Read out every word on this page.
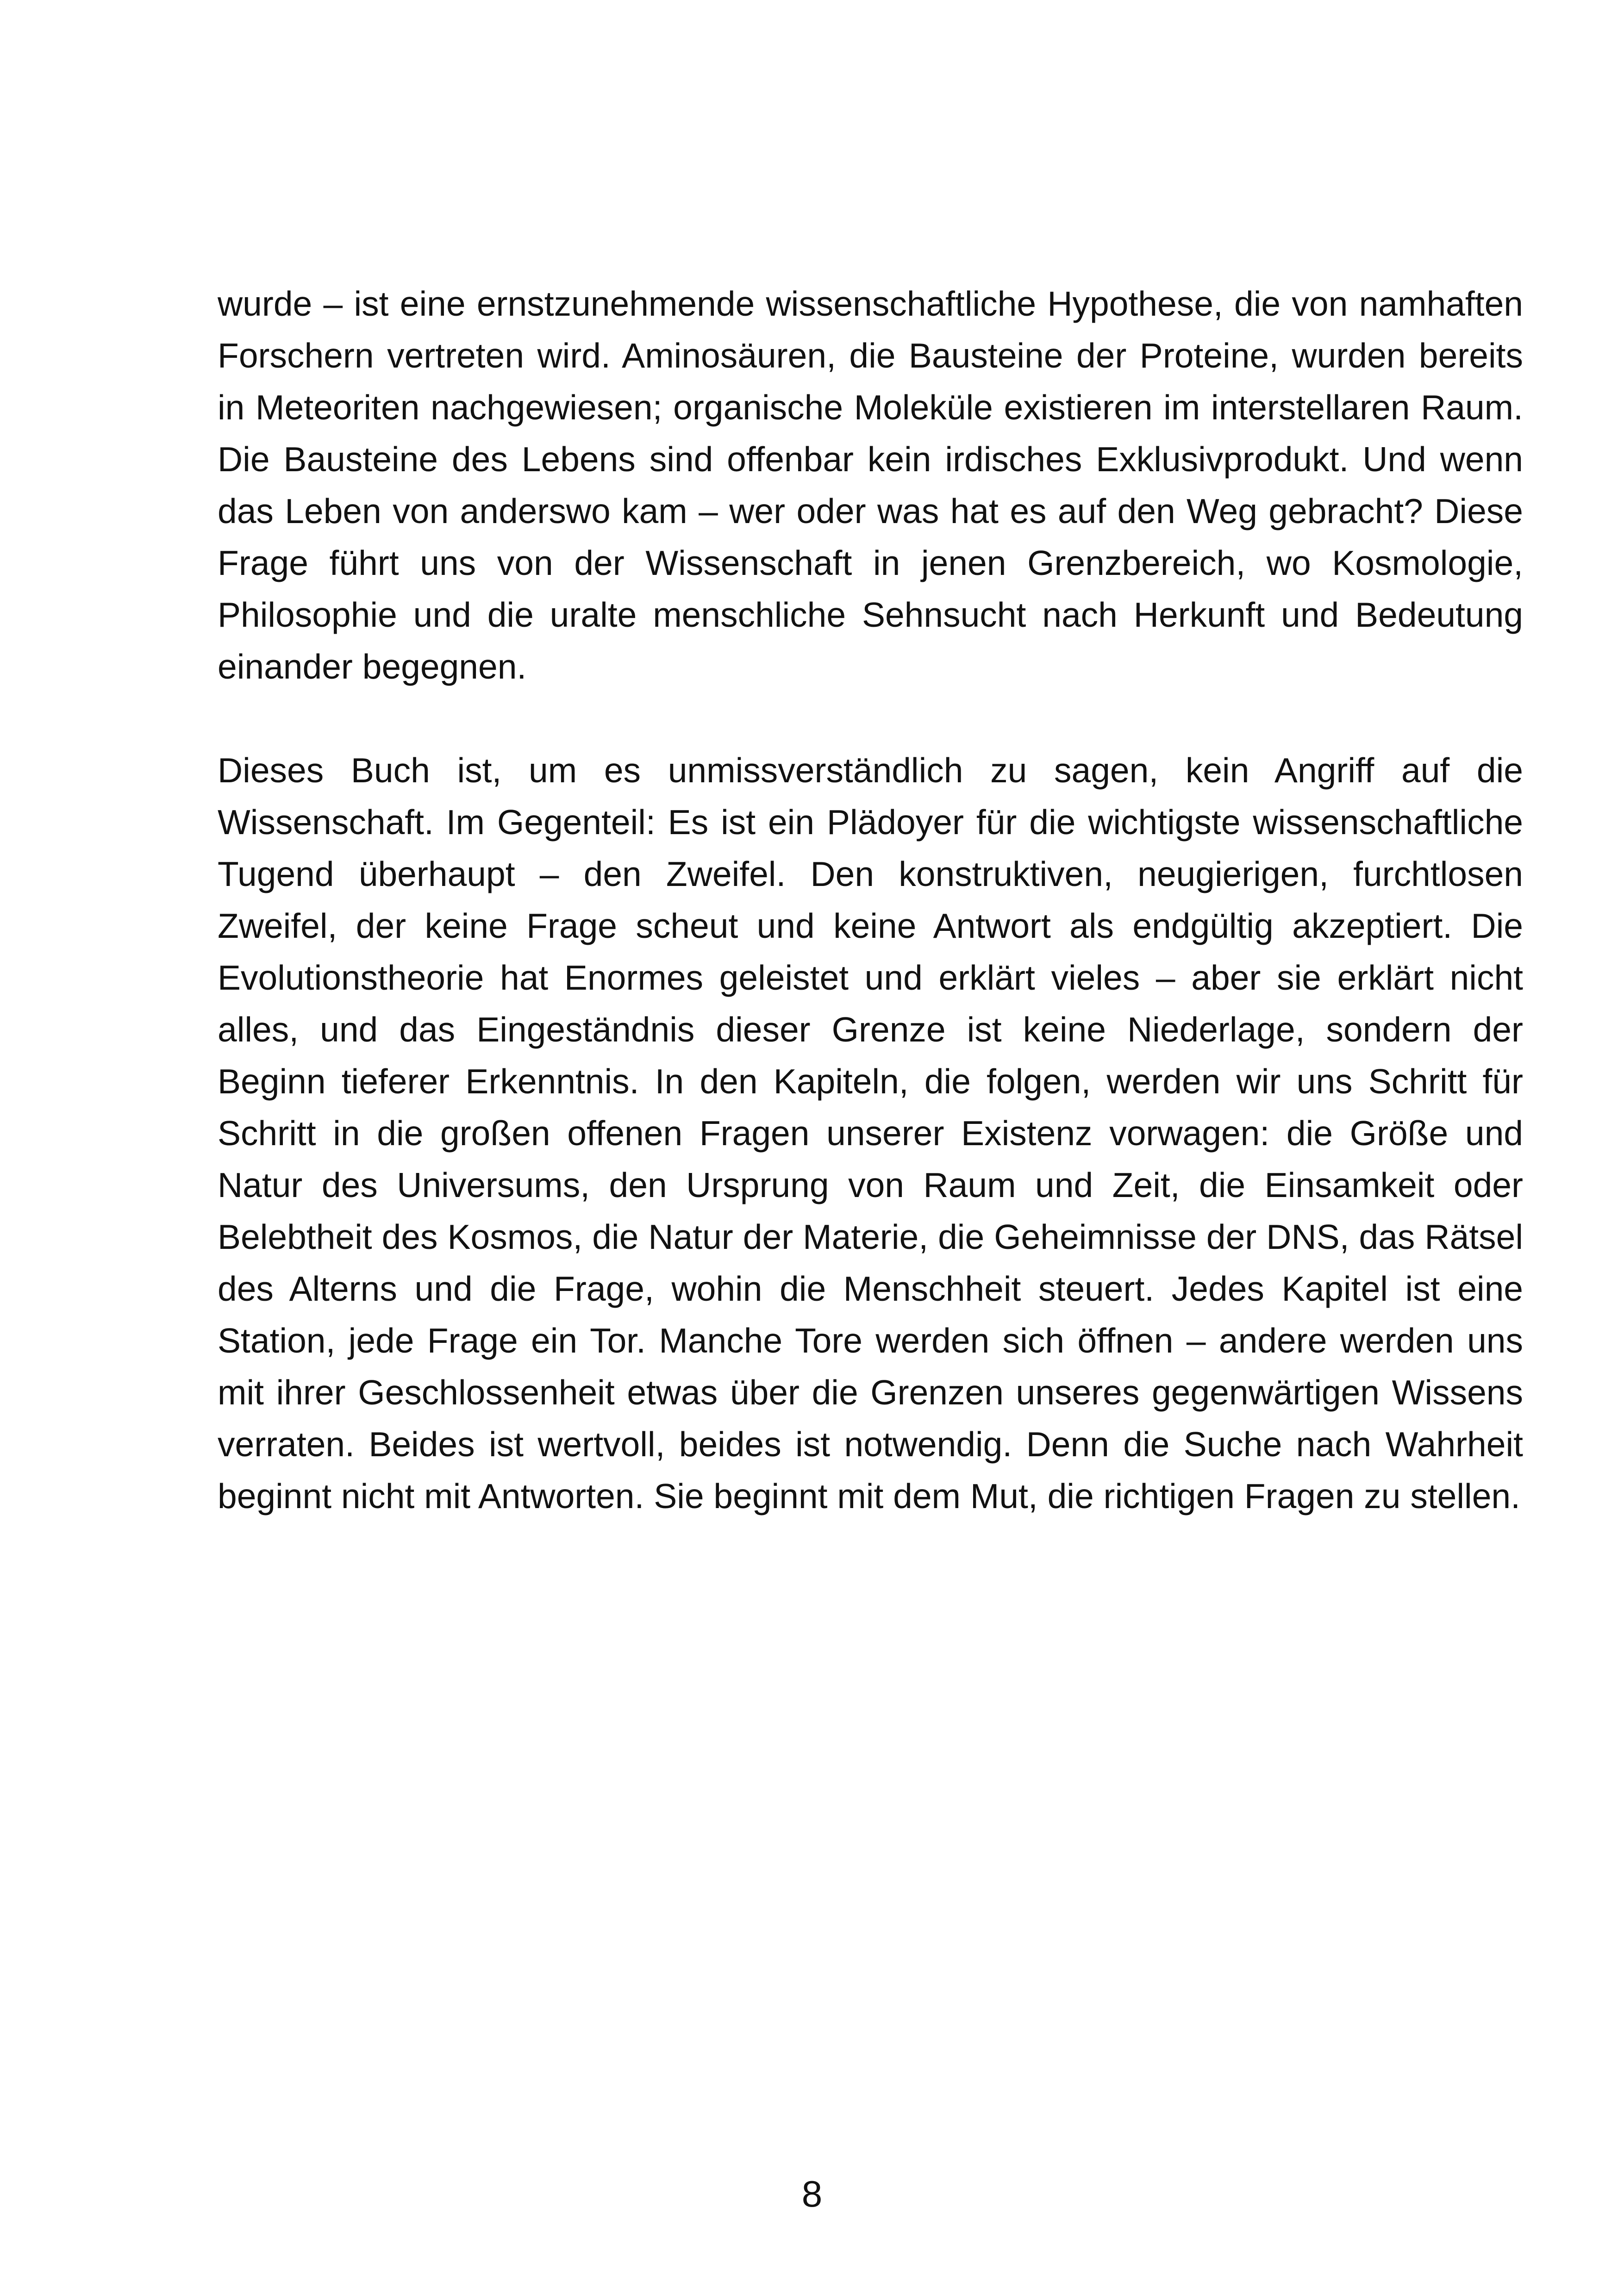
wurde – ist eine ernstzunehmende wissenschaftliche Hypothese, die von namhaften Forschern vertreten wird. Aminosäuren, die Bausteine der Proteine, wurden bereits in Meteoriten nachgewiesen; organische Moleküle existieren im interstellaren Raum. Die Bausteine des Lebens sind offenbar kein irdisches Exklusivprodukt. Und wenn das Leben von anderswo kam – wer oder was hat es auf den Weg gebracht? Diese Frage führt uns von der Wissenschaft in jenen Grenzbereich, wo Kosmologie, Philosophie und die uralte menschliche Sehnsucht nach Herkunft und Bedeutung einander begegnen.

Dieses Buch ist, um es unmissverständlich zu sagen, kein Angriff auf die Wissenschaft. Im Gegenteil: Es ist ein Plädoyer für die wichtigste wissenschaftliche Tugend überhaupt – den Zweifel. Den konstruktiven, neugierigen, furchtlosen Zweifel, der keine Frage scheut und keine Antwort als endgültig akzeptiert. Die Evolutionstheorie hat Enormes geleistet und erklärt vieles – aber sie erklärt nicht alles, und das Eingeständnis dieser Grenze ist keine Niederlage, sondern der Beginn tieferer Erkenntnis. In den Kapiteln, die folgen, werden wir uns Schritt für Schritt in die großen offenen Fragen unserer Existenz vorwagen: die Größe und Natur des Universums, den Ursprung von Raum und Zeit, die Einsamkeit oder Belebtheit des Kosmos, die Natur der Materie, die Geheimnisse der DNS, das Rätsel des Alterns und die Frage, wohin die Menschheit steuert. Jedes Kapitel ist eine Station, jede Frage ein Tor. Manche Tore werden sich öffnen – andere werden uns mit ihrer Geschlossenheit etwas über die Grenzen unseres gegenwärtigen Wissens verraten. Beides ist wertvoll, beides ist notwendig. Denn die Suche nach Wahrheit beginnt nicht mit Antworten. Sie beginnt mit dem Mut, die richtigen Fragen zu stellen.

8
